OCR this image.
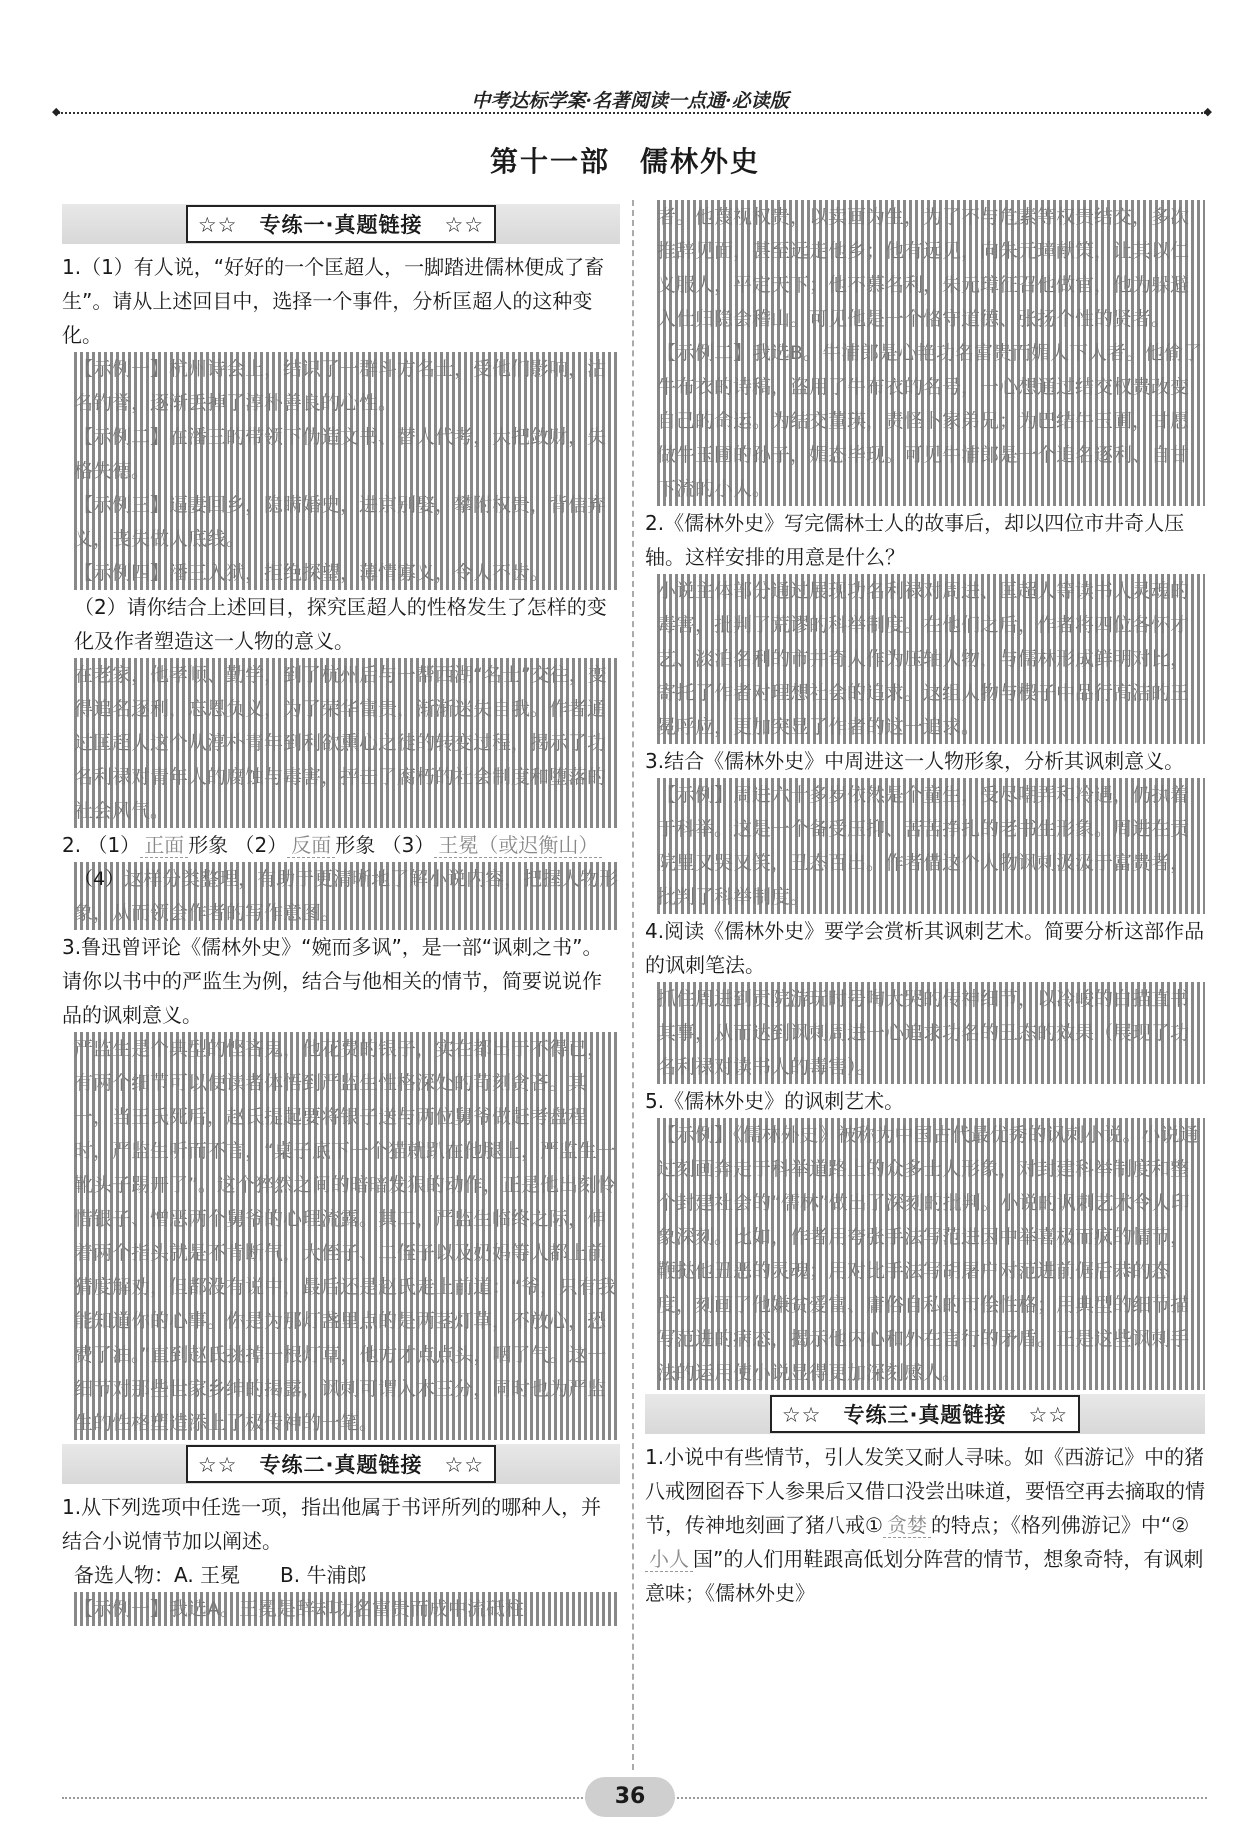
中考达标学案·名著阅读一点通·必读版
◆ ◆
第十一部 儒林外史
☆☆　专练一·真题链接　☆☆

1.（1）有人说，“好好的一个匡超人，一脚踏进儒林便成了畜生”。请从上述回目中，选择一个事件，分析匡超人的这种变化。

【示例一】杭州诗会上，结识了一群斗方名士，受他们影响，沽名钓誉，逐渐丢掉了淳朴善良的心性。
【示例二】在潘三的带领下伪造文书、替人代考，大把敛财，失格失德。
【示例三】逼妻回乡，隐瞒婚史，进京别娶，攀附权贵，背信弃义，丧失做人底线。
【示例四】潘三入狱，拒绝探望，薄情寡义，令人不齿。

（2）请你结合上述回目，探究匡超人的性格发生了怎样的变化及作者塑造这一人物的意义。

在老家，他孝顺、勤学，到了杭州后与一帮西湖“名士”交往，变得追名逐利，忘恩负义，为了荣华富贵，渐渐迷失自我。作者通过匡超人这个从淳朴青年到利欲熏心之徒的转变过程，揭示了功名利禄对青年人的腐蚀与毒害，抨击了腐朽的社会制度和堕落的社会风气。

2. （1） 正面 形象 （2） 反面 形象 （3） 王冕（或迟衡山）

（4）这样分类整理，有助于更清晰地了解小说内容，把握人物形象，从而领会作者的写作意图。

3.鲁迅曾评论《儒林外史》“婉而多讽”，是一部“讽刺之书”。请你以书中的严监生为例，结合与他相关的情节，简要说说作品的讽刺意义。

严监生是个典型的悭吝鬼，他花费的银子，实在都出于不得已，有两个细节可以使读者体悟到严监生性格深处的苛刻贪吝。其一，当王氏死后，赵氏提起要将银子送与两位舅爷做赶考盘程时，严监生听而不言，“桌子底下一个猫就趴在他腿上，严监生一靴头子踢开了”。这个猝然之间的暗暗发狠的动作，正是他出刻怜惜银子、憎恶两个舅爷的心理流露。其二，严监生临终之际，伸着两个指头就是不肯断气，大侄子、二侄子以及奶妈等人都上前猜度解劝，但都没有说中，最后还是赵氏走上前道：“爷，只有我能知道你的心事。你是为那灯盏里点的是两茎灯草，不放心，恐费了油。”直到赵氏挑掉一根灯草，他方才点点头，咽了气。这一细节对那些世家乡绅的揭露，讽刺可谓入木三分，同时也为严监生的性格塑造添上了极传神的一笔。
☆☆　专练二·真题链接　☆☆

1.从下列选项中任选一项，指出他属于书评所列的哪种人，并结合小说情节加以阐述。

备选人物：A. 王冕　　B. 牛浦郎

【示例一】我选A。王冕是辞却功名富贵而成中流砥柱
者。他蔑视权贵，以卖画为生，为了不与危素等权贵结交，多次推辞见面，甚至远走他乡；他有远见，向朱元璋献策，让其以仁义服人，平定天下；他不慕名利，朱元璋征召他做官，他为躲避入仕归隐会稽山。可见他是一个恪守道德、张扬个性的贤者。
【示例二】我选B。牛浦郎是心艳功名富贵而媚人下人者。他偷了牛布衣的诗稿，盗用了牛布衣的名号，一心想通过结交权贵改变自己的命运。为结交董瑛，责怪卜家弟兄；为巴结牛玉圃，甘愿做牛玉圃的孙子，媚态毕现。可见牛浦郎是一个追名逐利、自甘下流的小人。

2.《儒林外史》写完儒林士人的故事后，却以四位市井奇人压轴。这样安排的用意是什么？

小说主体部分通过展现功名利禄对周进、匡超人等读书人灵魂的毒害，批判了荒谬的科举制度。在他们之后，作者将四位各怀才艺、淡泊名利的市井奇人作为压轴人物，与儒林形成鲜明对比，寄托了作者对理想社会的追求。这组人物与楔子中品行高洁的王冕呼应，更加突显了作者的这一追求。

3.结合《儒林外史》中周进这一人物形象，分析其讽刺意义。

【示例】周进六十多岁依然是个童生，受尽嘲弄和冷遇，仍执着于科举。这是一个备受压抑、苦苦挣扎的老书生形象。周进在贡院里又哭又笑，丑态百出。作者借这个人物讽刺汲汲于富贵者，批判了科举制度。

4.阅读《儒林外史》要学会赏析其讽刺艺术。简要分析这部作品的讽刺笔法。

抓住周进到贡院游玩时号啕大哭的传神细节，以冷峻的白描直书其事，从而达到讽刺周进一心追求功名的丑态的效果（展现了功名利禄对读书人的毒害）。

5.《儒林外史》的讽刺艺术。

【示例】《儒林外史》被称为中国古代最优秀的讽刺小说。小说通过刻画奔走于科举道路上的众多士人形象，对封建科举制度和整个封建社会的“儒林”做出了深刻的批判。小说的讽刺艺术令人印象深刻。比如，作者用夸张手法写范进因中举喜极而疯的情节，鞭挞他丑恶的灵魂；用对比手法写胡屠户对范进前倨后恭的态度，刻画了他嫌贫爱富、庸俗自私的市侩性格；用典型的细节描写范进的病态，揭示他内心和外在言行的矛盾。正是这些讽刺手法的运用使小说显得更加深刻感人。
☆☆　专练三·真题链接　☆☆

1.小说中有些情节，引人发笑又耐人寻味。如《西游记》中的猪八戒囫囵吞下人参果后又借口没尝出味道，要悟空再去摘取的情节，传神地刻画了猪八戒① 贪婪 的特点；《格列佛游记》中“②小人 国”的人们用鞋跟高低划分阵营的情节，想象奇特，有讽刺意味；《儒林外史》

36
